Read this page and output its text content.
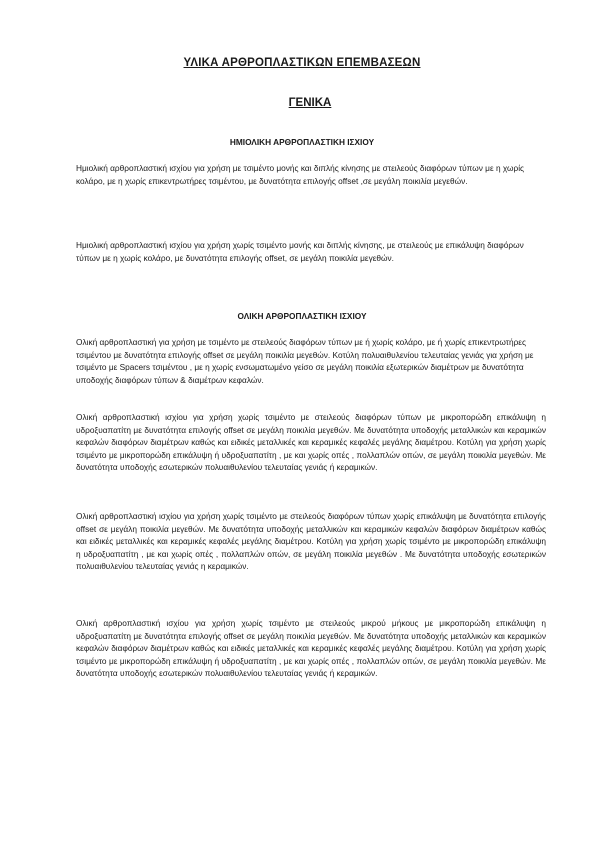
ΥΛΙΚΑ ΑΡΘΡΟΠΛΑΣΤΙΚΩΝ ΕΠΕΜΒΑΣΕΩΝ
ΓΕΝΙΚΑ
ΗΜΙΟΛΙΚΗ ΑΡΘΡΟΠΛΑΣΤΙΚΗ ΙΣΧΙΟΥ

Ημιολική αρθροπλαστική ισχίου για χρήση με τσιμέντο μονής και διπλής κίνησης με στειλεούς διαφόρων τύπων με η χωρίς κολάρο, με η χωρίς επικεντρωτήρες τσιμέντου, με δυνατότητα επιλογής offset ,σε μεγάλη ποικιλία μεγεθών.

Ημιολική αρθροπλαστική ισχίου για χρήση χωρίς τσιμέντο μονής και διπλής κίνησης, με στειλεούς με επικάλυψη διαφόρων τύπων με η χωρίς κολάρο, με δυνατότητα επιλογής offset, σε μεγάλη ποικιλία μεγεθών.

ΟΛΙΚΗ ΑΡΘΡΟΠΛΑΣΤΙΚΗ ΙΣΧΙΟΥ

Ολική αρθροπλαστική για χρήση με τσιμέντο με στειλεούς διαφόρων τύπων με ή χωρίς κολάρο, με ή χωρίς επικεντρωτήρες τσιμέντου με δυνατότητα επιλογής offset σε μεγάλη ποικιλία μεγεθών. Κοτύλη πολυαιθυλενίου τελευταίας γενιάς για χρήση με τσιμέντο με Spacers τσιμέντου , με η χωρίς ενσωματωμένο γείσο σε μεγάλη ποικιλία εξωτερικών διαμέτρων με δυνατότητα υποδοχής διαφόρων τύπων & διαμέτρων κεφαλών.

Ολική αρθροπλαστική ισχίου για χρήση χωρίς τσιμέντο με στειλεούς διαφόρων τύπων με μικροπορώδη επικάλυψη η υδροξυαπατίτη με δυνατότητα επιλογής offset σε μεγάλη ποικιλία μεγεθών. Με δυνατότητα υποδοχής μεταλλικών και κεραμικών κεφαλών διαφόρων διαμέτρων καθώς και ειδικές μεταλλικές και κεραμικές κεφαλές μεγάλης διαμέτρου. Κοτύλη για χρήση χωρίς τσιμέντο με μικροπορώδη επικάλυψη ή υδροξυαπατίτη , με και χωρίς οπές , πολλαπλών οπών, σε μεγάλη ποικιλία μεγεθών. Με δυνατότητα υποδοχής εσωτερικών πολυαιθυλενίου τελευταίας γενιάς ή κεραμικών.

Ολική αρθροπλαστική ισχίου για χρήση χωρίς τσιμέντο με στειλεούς διαφόρων τύπων χωρίς επικάλυψη με δυνατότητα επιλογής offset σε μεγάλη ποικιλία μεγεθών. Με δυνατότητα υποδοχής μεταλλικών και κεραμικών κεφαλών διαφόρων διαμέτρων καθώς και ειδικές μεταλλικές και κεραμικές κεφαλές μεγάλης διαμέτρου. Κοτύλη για χρήση χωρίς τσιμέντο με μικροπορώδη επικάλυψη η υδροξυαπατίτη , με και χωρίς οπές , πολλαπλών οπών, σε μεγάλη ποικιλία μεγεθών . Με δυνατότητα υποδοχής εσωτερικών πολυαιθυλενίου τελευταίας γενιάς η κεραμικών.

Ολική αρθροπλαστική ισχίου για χρήση χωρίς τσιμέντο με στειλεούς μικρού μήκους με μικροπορώδη επικάλυψη η υδροξυαπατίτη με δυνατότητα επιλογής offset σε μεγάλη ποικιλία μεγεθών. Με δυνατότητα υποδοχής μεταλλικών και κεραμικών κεφαλών διαφόρων διαμέτρων καθώς και ειδικές μεταλλικές και κεραμικές κεφαλές μεγάλης διαμέτρου. Κοτύλη για χρήση χωρίς τσιμέντο με μικροπορώδη επικάλυψη ή υδροξυαπατίτη , με και χωρίς οπές , πολλαπλών οπών, σε μεγάλη ποικιλία μεγεθών. Με δυνατότητα υποδοχής εσωτερικών πολυαιθυλενίου τελευταίας γενιάς ή κεραμικών.
